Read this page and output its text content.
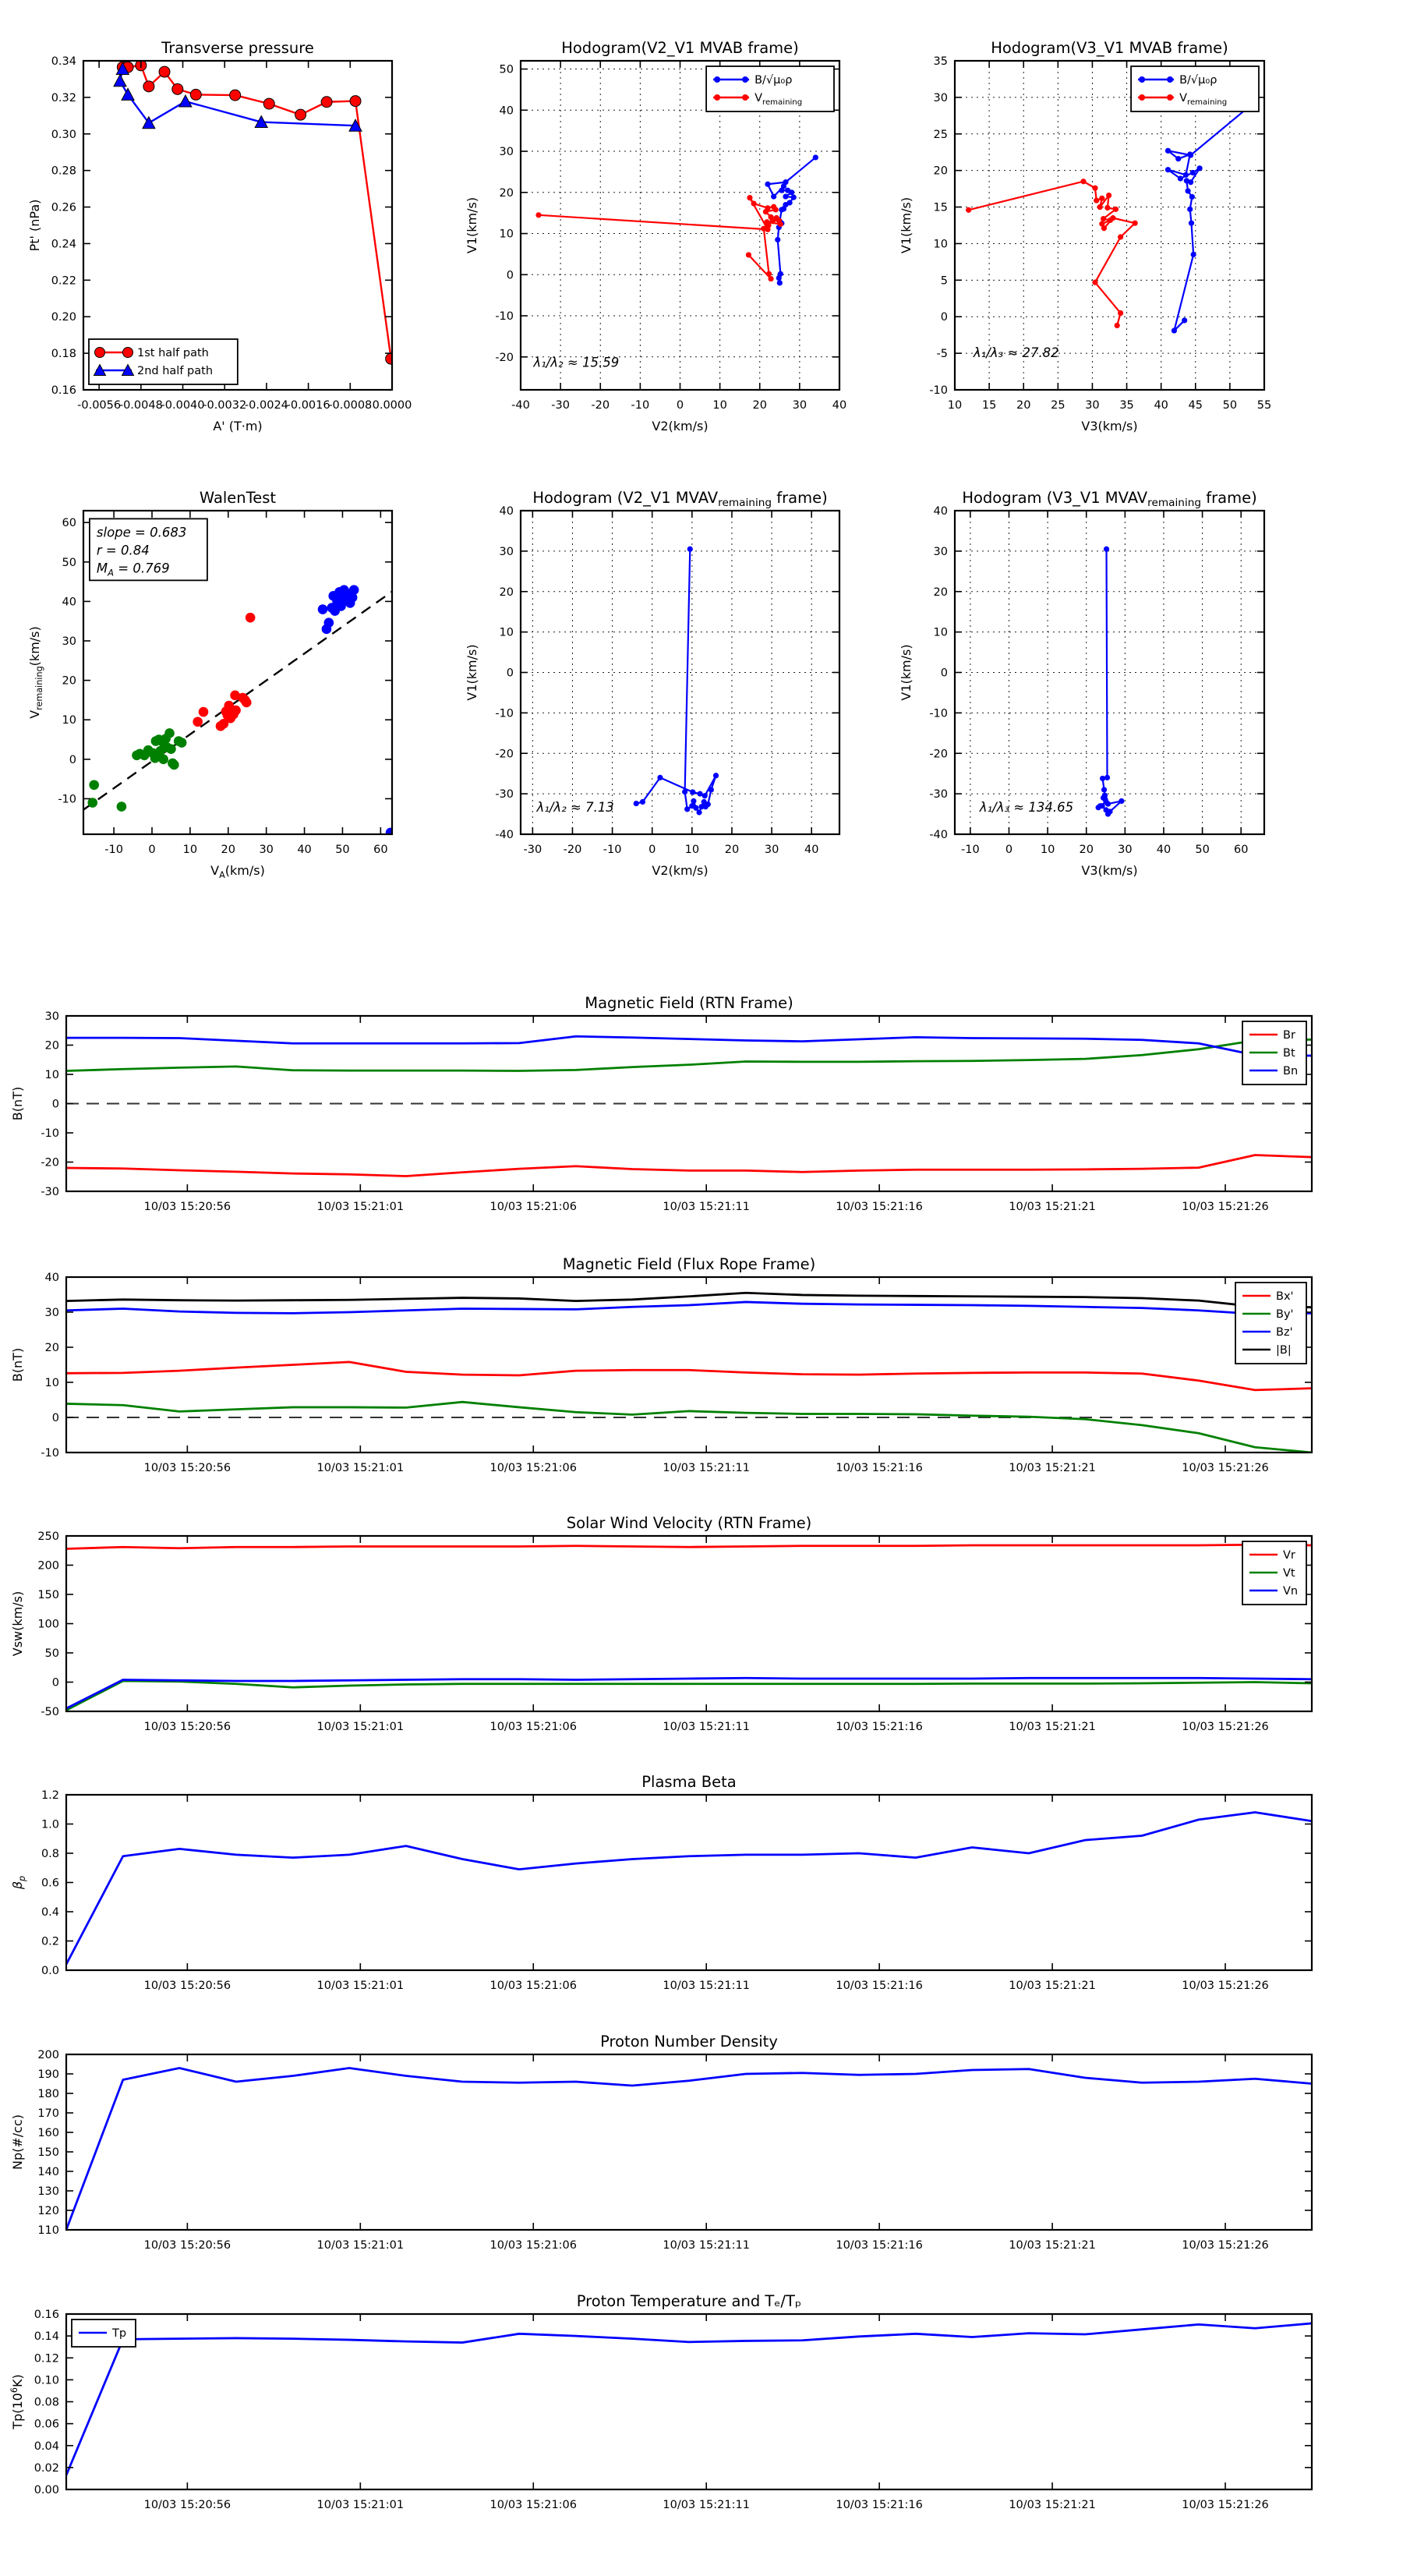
-0.0056
-0.0048
-0.0040
-0.0032
-0.0024
-0.0016
-0.0008 0.0000
0.16
0.18
0.20
0.22
0.24
0.26
0.28
0.30
0.32
0.34
Transverse pressure
A' (T·m)
Pt' (nPa)
1st half path
2nd half path
-40 -30 -20 -10 0	10 20 30 40
-20
-10
0
10
20
30
40
50
Hodogram(V2_V1 MVAB frame)
V2(km/s)
V1(km/s)
B/√μ₀ρ
$V_{remaining}$
λ₁/λ₂ ≈ 15.59
10 15 20 25 30 35 40 45 50 55
-10
-5
0
5
10
15
20
25
30
35
Hodogram(V3_V1 MVAB frame)
V3(km/s)
V1(km/s)
B/√μ₀ρ
$V_{remaining}$
λ₁/λ₃ ≈ 27.82
-10 0 10 20 30 40 50 60
-10
0
10
20
30
40
50
60
WalenTest
$V_A(km/s)$
$V_{remaining}(km/s)$
slope = 0.683
r = 0.84
$M_A = 0.769$
-30 -20 -10 0	10 20 30 40
-40
-30
-20
-10
0
10
20
30
40
Hodogram (V2_V1 $MVAV_{remaining}$ frame)
V2(km/s)
V1(km/s)
λ₁/λ₂ ≈ 7.13
-10 0 10 20 30 40 50 60
-40
-30
-20
-10
0
10
20
30
40
Hodogram (V3_V1 $MVAV_{remaining}$ frame)
V3(km/s)
V1(km/s)
λ₁/λ₃ ≈ 134.65
10/03 15:20:56	10/03 15:21:01	10/03 15:21:06	10/03 15:21:11	10/03 15:21:16	10/03 15:21:21	10/03 15:21:26
-30
-20
-10
0
10
20
30
Magnetic Field (RTN Frame)
B(nT)
Br
Bt
Bn
10/03 15:20:56	10/03 15:21:01	10/03 15:21:06	10/03 15:21:11	10/03 15:21:16	10/03 15:21:21	10/03 15:21:26
-10
0
10
20
30
40
Magnetic Field (Flux Rope Frame)
B(nT)
Bx'
By'
Bz'
|B|
10/03 15:20:56	10/03 15:21:01	10/03 15:21:06	10/03 15:21:11	10/03 15:21:16	10/03 15:21:21	10/03 15:21:26
-50
0
50
100
150
200
250
Solar Wind Velocity (RTN Frame)
Vsw(km/s)
Vr
Vt
Vn
10/03 15:20:56	10/03 15:21:01	10/03 15:21:06	10/03 15:21:11	10/03 15:21:16	10/03 15:21:21	10/03 15:21:26
0.0
0.2
0.4
0.6
0.8
1.0
1.2
Plasma Beta
$\beta_p$
10/03 15:20:56	10/03 15:21:01	10/03 15:21:06	10/03 15:21:11	10/03 15:21:16	10/03 15:21:21	10/03 15:21:26
110
120
130
140
150
160
170
180
190
200
Proton Number Density
Np(#/cc)
10/03 15:20:56	10/03 15:21:01	10/03 15:21:06	10/03 15:21:11	10/03 15:21:16	10/03 15:21:21	10/03 15:21:26
0.00
0.02
0.04
0.06
0.08
0.10
0.12
0.14
0.16
Proton Temperature and Tₑ/Tₚ
$Tp(10^6K)$
Tp
